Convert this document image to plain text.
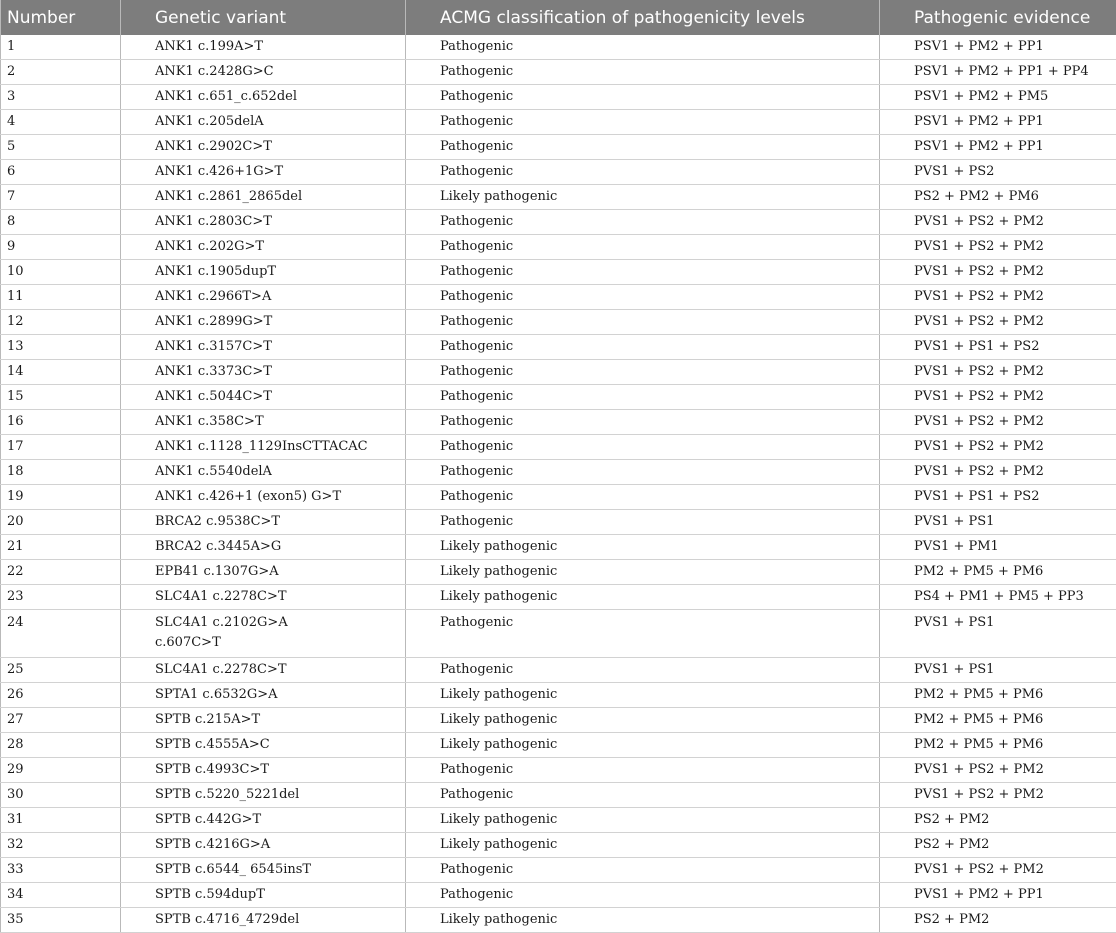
Number	Genetic variant	ACMG classification of pathogenicity levels	Pathogenic evidence
1	ANK1 c.199A>T	Pathogenic	PSV1 + PM2 + PP1
2	ANK1 c.2428G>C	Pathogenic	PSV1 + PM2 + PP1 + PP4
3	ANK1 c.651_c.652del	Pathogenic	PSV1 + PM2 + PM5
4	ANK1 c.205delA	Pathogenic	PSV1 + PM2 + PP1
5	ANK1 c.2902C>T	Pathogenic	PSV1 + PM2 + PP1
6	ANK1 c.426+1G>T	Pathogenic	PVS1 + PS2
7	ANK1 c.2861_2865del	Likely pathogenic	PS2 + PM2 + PM6
8	ANK1 c.2803C>T	Pathogenic	PVS1 + PS2 + PM2
9	ANK1 c.202G>T	Pathogenic	PVS1 + PS2 + PM2
10	ANK1 c.1905dupT	Pathogenic	PVS1 + PS2 + PM2
11	ANK1 c.2966T>A	Pathogenic	PVS1 + PS2 + PM2
12	ANK1 c.2899G>T	Pathogenic	PVS1 + PS2 + PM2
13	ANK1 c.3157C>T	Pathogenic	PVS1 + PS1 + PS2
14	ANK1 c.3373C>T	Pathogenic	PVS1 + PS2 + PM2
15	ANK1 c.5044C>T	Pathogenic	PVS1 + PS2 + PM2
16	ANK1 c.358C>T	Pathogenic	PVS1 + PS2 + PM2
17	ANK1 c.1128_1129InsCTTACAC	Pathogenic	PVS1 + PS2 + PM2
18	ANK1 c.5540delA	Pathogenic	PVS1 + PS2 + PM2
19	ANK1 c.426+1 (exon5) G>T	Pathogenic	PVS1 + PS1 + PS2
20	BRCA2 c.9538C>T	Pathogenic	PVS1 + PS1
21	BRCA2 c.3445A>G	Likely pathogenic	PVS1 + PM1
22	EPB41 c.1307G>A	Likely pathogenic	PM2 + PM5 + PM6
23	SLC4A1 c.2278C>T	Likely pathogenic	PS4 + PM1 + PM5 + PP3
24	SLC4A1 c.2102G>A
c.607C>T	Pathogenic	PVS1 + PS1
25	SLC4A1 c.2278C>T	Pathogenic	PVS1 + PS1
26	SPTA1 c.6532G>A	Likely pathogenic	PM2 + PM5 + PM6
27	SPTB c.215A>T	Likely pathogenic	PM2 + PM5 + PM6
28	SPTB c.4555A>C	Likely pathogenic	PM2 + PM5 + PM6
29	SPTB c.4993C>T	Pathogenic	PVS1 + PS2 + PM2
30	SPTB c.5220_5221del	Pathogenic	PVS1 + PS2 + PM2
31	SPTB c.442G>T	Likely pathogenic	PS2 + PM2
32	SPTB c.4216G>A	Likely pathogenic	PS2 + PM2
33	SPTB c.6544_ 6545insT	Pathogenic	PVS1 + PS2 + PM2
34	SPTB c.594dupT	Pathogenic	PVS1 + PM2 + PP1
35	SPTB c.4716_4729del	Likely pathogenic	PS2 + PM2
